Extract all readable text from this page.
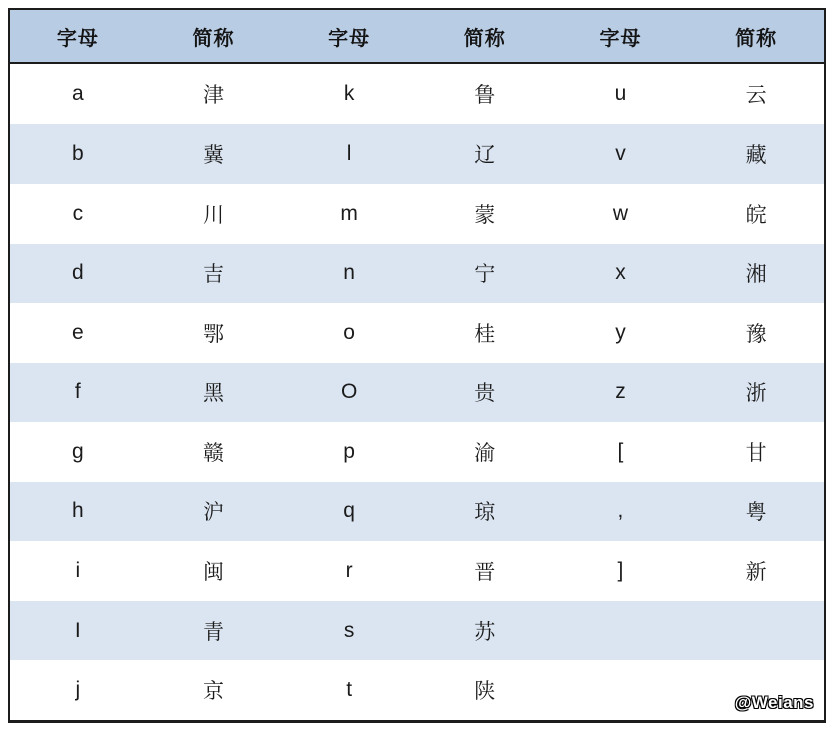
字母	简称	字母	简称	字母	简称
a	津	k	鲁	u	云
b	冀	l	辽	v	藏
c	川	m	蒙	w	皖
d	吉	n	宁	x	湘
e	鄂	o	桂	y	豫
f	黑	O	贵	z	浙
g	赣	p	渝	[	甘
h	沪	q	琼	,	粤
i	闽	r	晋	]	新
I	青	s	苏		
j	京	t	陕			@Weians
